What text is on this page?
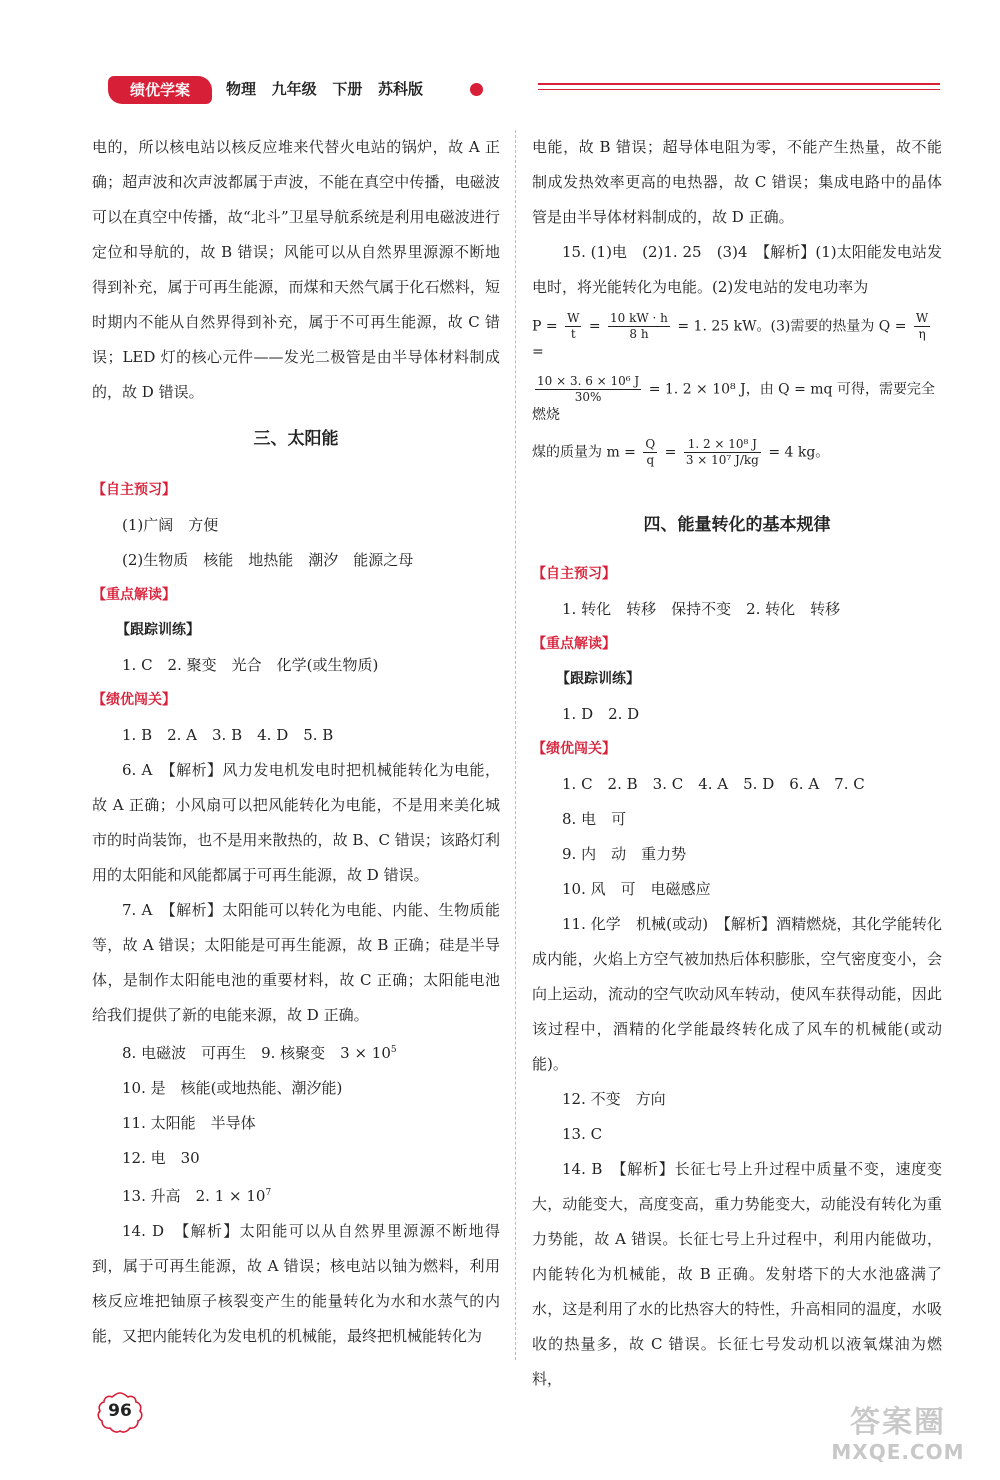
绩优学案	物理   九年级   下册   苏科版

电的，所以核电站以核反应堆来代替火电站的锅炉，故 A 正确；超声波和次声波都属于声波，不能在真空中传播，电磁波可以在真空中传播，故“北斗”卫星导航系统是利用电磁波进行定位和导航的，故 B 错误；风能可以从自然界里源源不断地得到补充，属于可再生能源，而煤和天然气属于化石燃料，短时期内不能从自然界得到补充，属于不可再生能源，故 C 错误；LED 灯的核心元件——发光二极管是由半导体材料制成的，故 D 错误。

三、太阳能

【自主预习】

(1)广阔　方便

(2)生物质　核能　地热能　潮汐　能源之母

【重点解读】

【跟踪训练】

1. C　2. 聚变　光合　化学(或生物质)

【绩优闯关】

1. B　2. A　3. B　4. D　5. B

6. A　【解析】风力发电机发电时把机械能转化为电能，故 A 正确；小风扇可以把风能转化为电能，不是用来美化城市的时尚装饰，也不是用来散热的，故 B、C 错误；该路灯利用的太阳能和风能都属于可再生能源，故 D 错误。

7. A　【解析】太阳能可以转化为电能、内能、生物质能等，故 A 错误；太阳能是可再生能源，故 B 正确；硅是半导体，是制作太阳能电池的重要材料，故 C 正确；太阳能电池给我们提供了新的电能来源，故 D 正确。

8. 电磁波　可再生　9. 核聚变　$3 \times 10^5$

10. 是　核能(或地热能、潮汐能)

11. 太阳能　半导体

12. 电　30

13. 升高　2. $1 \times 10^7$

14. D　【解析】太阳能可以从自然界里源源不断地得到，属于可再生能源，故 A 错误；核电站以铀为燃料，利用核反应堆把铀原子核裂变产生的能量转化为水和水蒸气的内能，又把内能转化为发电机的机械能，最终把机械能转化为

电能，故 B 错误；超导体电阻为零，不能产生热量，故不能制成发热效率更高的电热器，故 C 错误；集成电路中的晶体管是由半导体材料制成的，故 D 正确。

15. (1)电　(2)1. 25　(3)4　【解析】(1)太阳能发电站发电时，将光能转化为电能。(2)发电站的发电功率为

$P = \frac{W}{t} = \frac{10 kW \cdot h}{8 h} = 1$. 25 kW。(3)需要的热量为 $Q = \frac{W}{\eta}$
=

$\frac{\text{10 × 3. 6 × 10⁶ J}}{30\%} = 1$. 2 × 10⁸ J，由 Q = mq 可得，需要完全燃烧

煤的质量为 $m = \frac{Q}{q} = \frac{\text{1. 2 × 10⁸ J}}{\text{3 × 10⁷ J/kg}} = 4$ kg。

四、能量转化的基本规律

【自主预习】

1. 转化　转移　保持不变　2. 转化　转移

【重点解读】

【跟踪训练】

1. D　2. D

【绩优闯关】

1. C　2. B　3. C　4. A　5. D　6. A　7. C

8. 电　可

9. 内　动　重力势

10. 风　可　电磁感应

11. 化学　机械(或动)　【解析】酒精燃烧，其化学能转化成内能，火焰上方空气被加热后体积膨胀，空气密度变小，会向上运动，流动的空气吹动风车转动，使风车获得动能，因此该过程中，酒精的化学能最终转化成了风车的机械能(或动能)。

12. 不变　方向

13. C

14. B　【解析】长征七号上升过程中质量不变，速度变大，动能变大，高度变高，重力势能变大，动能没有转化为重力势能，故 A 错误。长征七号上升过程中，利用内能做功，内能转化为机械能，故 B 正确。发射塔下的大水池盛满了水，这是利用了水的比热容大的特性，升高相同的温度，水吸收的热量多，故 C 错误。长征七号发动机以液氧煤油为燃料，

96	答案圈
MXQE.COM
